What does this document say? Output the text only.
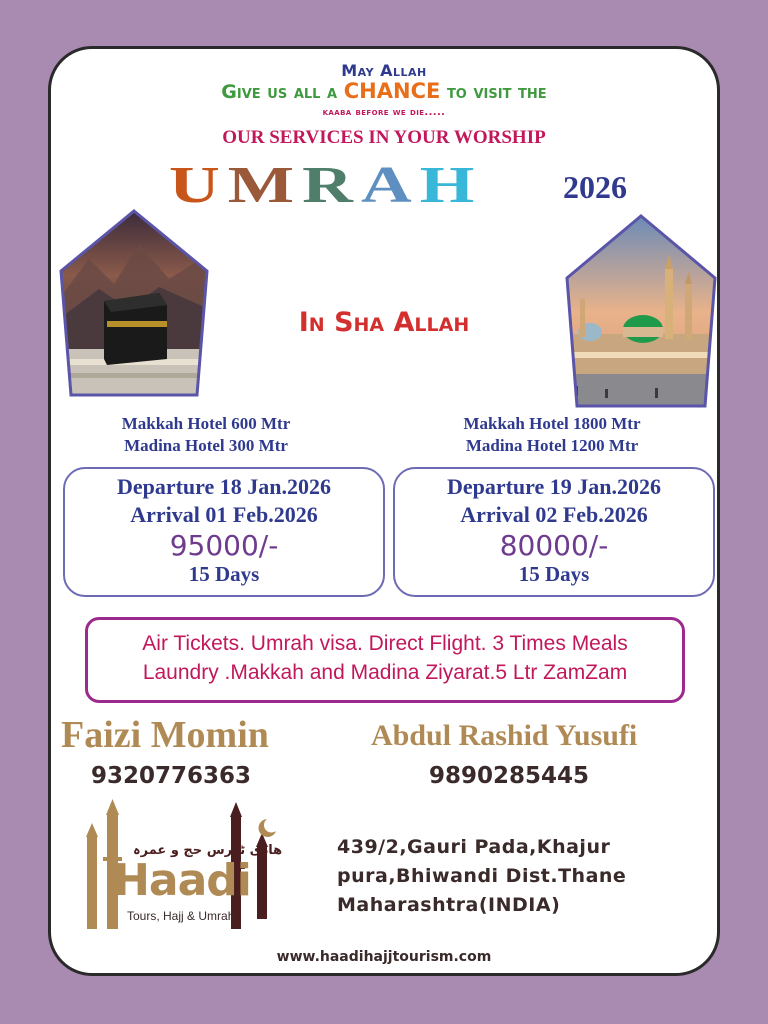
May Allah
Give us all a CHANCE to visit the
kaaba before we die.....
OUR SERVICES IN YOUR WORSHIP
UMRAH	2026
In Sha Allah
Makkah Hotel 600 Mtr
Madina Hotel 300 Mtr
Makkah Hotel 1800 Mtr
Madina Hotel 1200 Mtr
Departure 18 Jan.2026
Arrival 01 Feb.2026
95000/-
15 Days
Departure 19 Jan.2026
Arrival 02 Feb.2026
80000/-
15 Days
Air Tickets. Umrah visa. Direct Flight. 3 Times Meals
Laundry .Makkah and Madina Ziyarat.5 Ltr ZamZam
Faizi Momin	Abdul Rashid Yusufi
9320776363	9890285445
هادی ٹورس حج و عمرہ
Haadi
Tours, Hajj & Umrah
439/2,Gauri Pada,Khajur
pura,Bhiwandi Dist.Thane
Maharashtra(INDIA)
www.haadihajjtourism.com
